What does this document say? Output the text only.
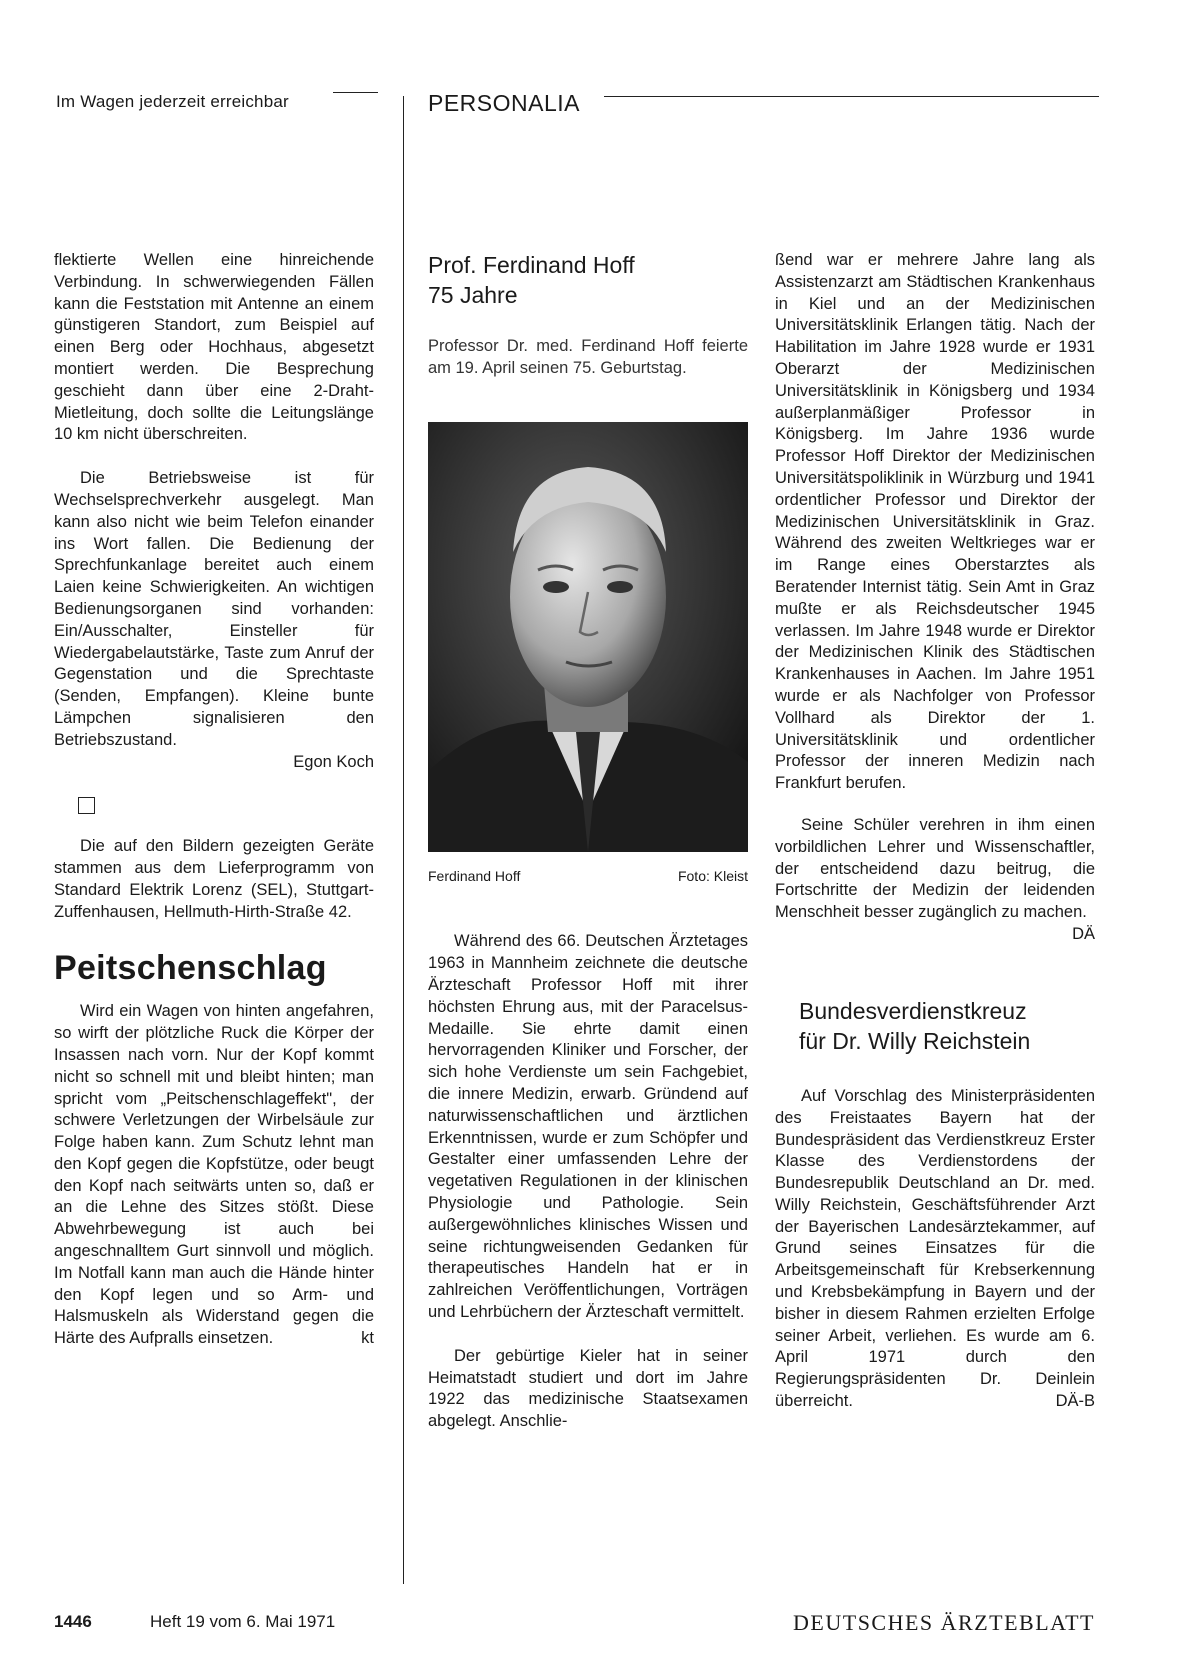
Im Wagen jederzeit erreichbar	PERSONALIA

flektierte Wellen eine hinreichende Verbindung. In schwerwiegenden Fällen kann die Feststation mit Antenne an einem günstigeren Standort, zum Beispiel auf einen Berg oder Hochhaus, abgesetzt montiert werden. Die Besprechung geschieht dann über eine 2-Draht-Mietleitung, doch sollte die Leitungslänge 10 km nicht überschreiten.

Die Betriebsweise ist für Wechselsprechverkehr ausgelegt. Man kann also nicht wie beim Telefon einander ins Wort fallen. Die Bedienung der Sprechfunkanlage bereitet auch einem Laien keine Schwierigkeiten. An wichtigen Bedienungsorganen sind vorhanden: Ein/Ausschalter, Einsteller für Wiedergabelautstärke, Taste zum Anruf der Gegenstation und die Sprechtaste (Senden, Empfangen). Kleine bunte Lämpchen signalisieren den Betriebszustand.

Egon Koch

Die auf den Bildern gezeigten Geräte stammen aus dem Lieferprogramm von Standard Elektrik Lorenz (SEL), Stuttgart-Zuffenhausen, Hellmuth-Hirth-Straße 42.

Peitschenschlag

Wird ein Wagen von hinten angefahren, so wirft der plötzliche Ruck die Körper der Insassen nach vorn. Nur der Kopf kommt nicht so schnell mit und bleibt hinten; man spricht vom „Peitschenschlageffekt", der schwere Verletzungen der Wirbelsäule zur Folge haben kann. Zum Schutz lehnt man den Kopf gegen die Kopfstütze, oder beugt den Kopf nach seitwärts unten so, daß er an die Lehne des Sitzes stößt. Diese Abwehrbewegung ist auch bei angeschnalltem Gurt sinnvoll und möglich. Im Notfall kann man auch die Hände hinter den Kopf legen und so Arm- und Halsmuskeln als Widerstand gegen die Härte des Aufpralls einsetzen.	kt

Prof. Ferdinand Hoff
75 Jahre

Professor Dr. med. Ferdinand Hoff feierte am 19. April seinen 75. Geburtstag.

Ferdinand Hoff	Foto: Kleist

Während des 66. Deutschen Ärztetages 1963 in Mannheim zeichnete die deutsche Ärzteschaft Professor Hoff mit ihrer höchsten Ehrung aus, mit der Paracelsus-Medaille. Sie ehrte damit einen hervorragenden Kliniker und Forscher, der sich hohe Verdienste um sein Fachgebiet, die innere Medizin, erwarb. Gründend auf naturwissenschaftlichen und ärztlichen Erkenntnissen, wurde er zum Schöpfer und Gestalter einer umfassenden Lehre der vegetativen Regulationen in der klinischen Physiologie und Pathologie. Sein außergewöhnliches klinisches Wissen und seine richtungweisenden Gedanken für therapeutisches Handeln hat er in zahlreichen Veröffentlichungen, Vorträgen und Lehrbüchern der Ärzteschaft vermittelt.

Der gebürtige Kieler hat in seiner Heimatstadt studiert und dort im Jahre 1922 das medizinische Staatsexamen abgelegt. Anschlie-

ßend war er mehrere Jahre lang als Assistenzarzt am Städtischen Krankenhaus in Kiel und an der Medizinischen Universitätsklinik Erlangen tätig. Nach der Habilitation im Jahre 1928 wurde er 1931 Oberarzt der Medizinischen Universitätsklinik in Königsberg und 1934 außerplanmäßiger Professor in Königsberg. Im Jahre 1936 wurde Professor Hoff Direktor der Medizinischen Universitätspoliklinik in Würzburg und 1941 ordentlicher Professor und Direktor der Medizinischen Universitätsklinik in Graz. Während des zweiten Weltkrieges war er im Range eines Oberstarztes als Beratender Internist tätig. Sein Amt in Graz mußte er als Reichsdeutscher 1945 verlassen. Im Jahre 1948 wurde er Direktor der Medizinischen Klinik des Städtischen Krankenhauses in Aachen. Im Jahre 1951 wurde er als Nachfolger von Professor Vollhard als Direktor der 1. Universitätsklinik und ordentlicher Professor der inneren Medizin nach Frankfurt berufen.

Seine Schüler verehren in ihm einen vorbildlichen Lehrer und Wissenschaftler, der entscheidend dazu beitrug, die Fortschritte der Medizin der leidenden Menschheit besser zugänglich zu machen.
DÄ

Bundesverdienstkreuz
für Dr. Willy Reichstein

Auf Vorschlag des Ministerpräsidenten des Freistaates Bayern hat der Bundespräsident das Verdienstkreuz Erster Klasse des Verdienstordens der Bundesrepublik Deutschland an Dr. med. Willy Reichstein, Geschäftsführender Arzt der Bayerischen Landesärztekammer, auf Grund seines Einsatzes für die Arbeitsgemeinschaft für Krebserkennung und Krebsbekämpfung in Bayern und der bisher in diesem Rahmen erzielten Erfolge seiner Arbeit, verliehen. Es wurde am 6. April 1971 durch den Regierungspräsidenten Dr. Deinlein überreicht.	DÄ-B

1446	Heft 19 vom 6. Mai 1971	DEUTSCHES ÄRZTEBLATT
